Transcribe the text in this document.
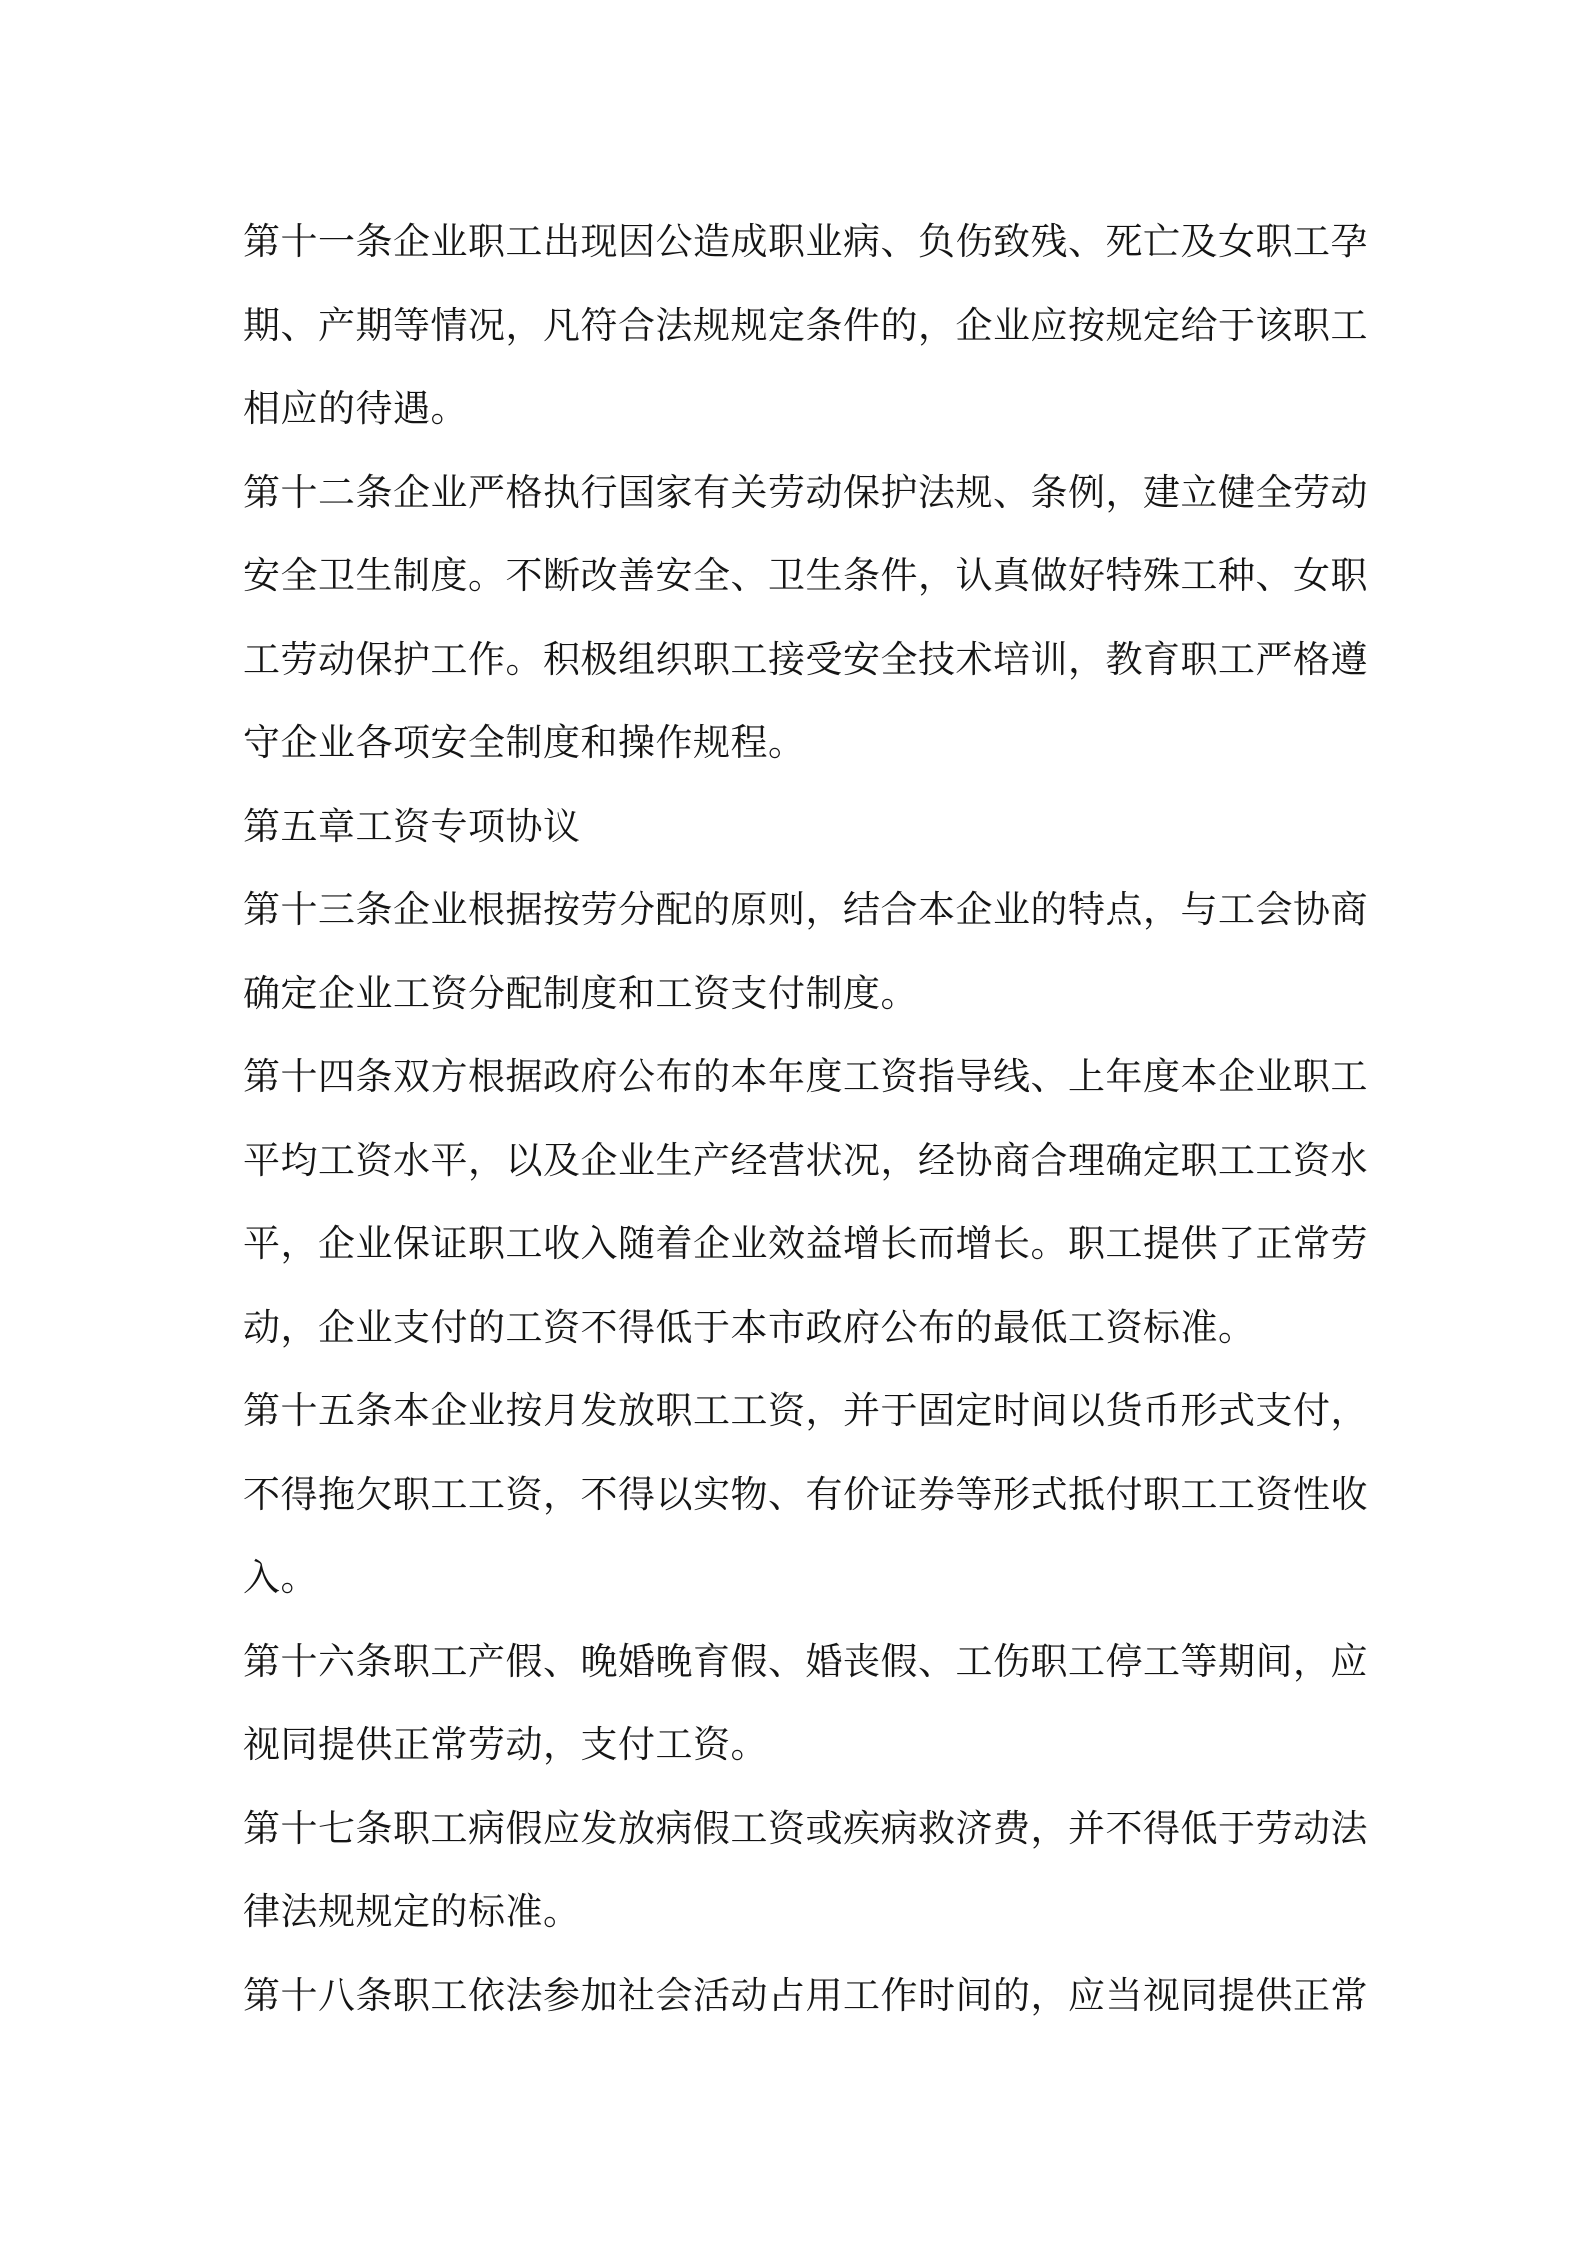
第十一条企业职工出现因公造成职业病、负伤致残、死亡及女职工孕
期、产期等情况，凡符合法规规定条件的，企业应按规定给于该职工
相应的待遇。

第十二条企业严格执行国家有关劳动保护法规、条例，建立健全劳动
安全卫生制度。不断改善安全、卫生条件，认真做好特殊工种、女职
工劳动保护工作。积极组织职工接受安全技术培训，教育职工严格遵
守企业各项安全制度和操作规程。

第五章工资专项协议

第十三条企业根据按劳分配的原则，结合本企业的特点，与工会协商
确定企业工资分配制度和工资支付制度。

第十四条双方根据政府公布的本年度工资指导线、上年度本企业职工
平均工资水平，以及企业生产经营状况，经协商合理确定职工工资水
平，企业保证职工收入随着企业效益增长而增长。职工提供了正常劳
动，企业支付的工资不得低于本市政府公布的最低工资标准。

第十五条本企业按月发放职工工资，并于固定时间以货币形式支付，
不得拖欠职工工资，不得以实物、有价证券等形式抵付职工工资性收
入。

第十六条职工产假、晚婚晚育假、婚丧假、工伤职工停工等期间，应
视同提供正常劳动，支付工资。

第十七条职工病假应发放病假工资或疾病救济费，并不得低于劳动法
律法规规定的标准。

第十八条职工依法参加社会活动占用工作时间的，应当视同提供正常
